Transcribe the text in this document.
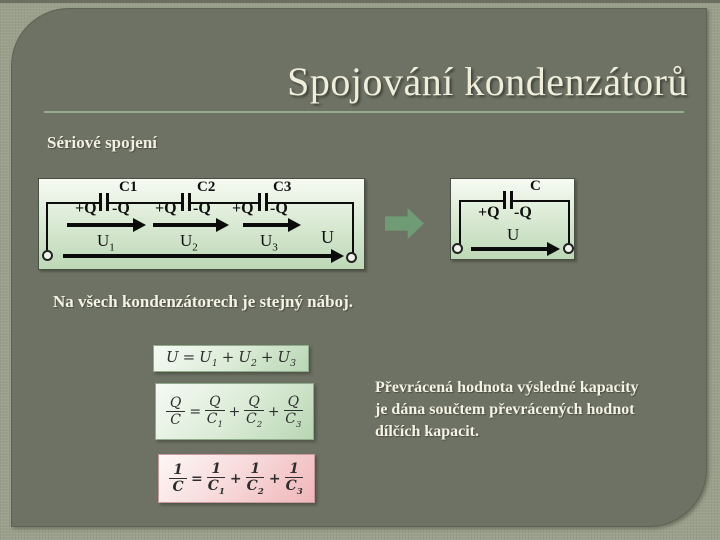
Spojování kondenzátorů
Sériové spojení
C1	C2	C3
+Q -Q +Q -Q +Q -Q
$U_1$	$U_2$	$U_3$
U
C
+Q -Q
U
Na všech kondenzátorech je stejný náboj.
$U = U_1 + U_2 + U_3$
$\frac{Q}{C} = \frac{Q}{C_1} + \frac{Q}{C_2} + \frac{Q}{C_3}$
$\frac{1}{C} = \frac{1}{C_1} + \frac{1}{C_2} + \frac{1}{C_3}$
Převrácená hodnota výsledné kapacity
je dána součtem převrácených hodnot
dílčích kapacit.
